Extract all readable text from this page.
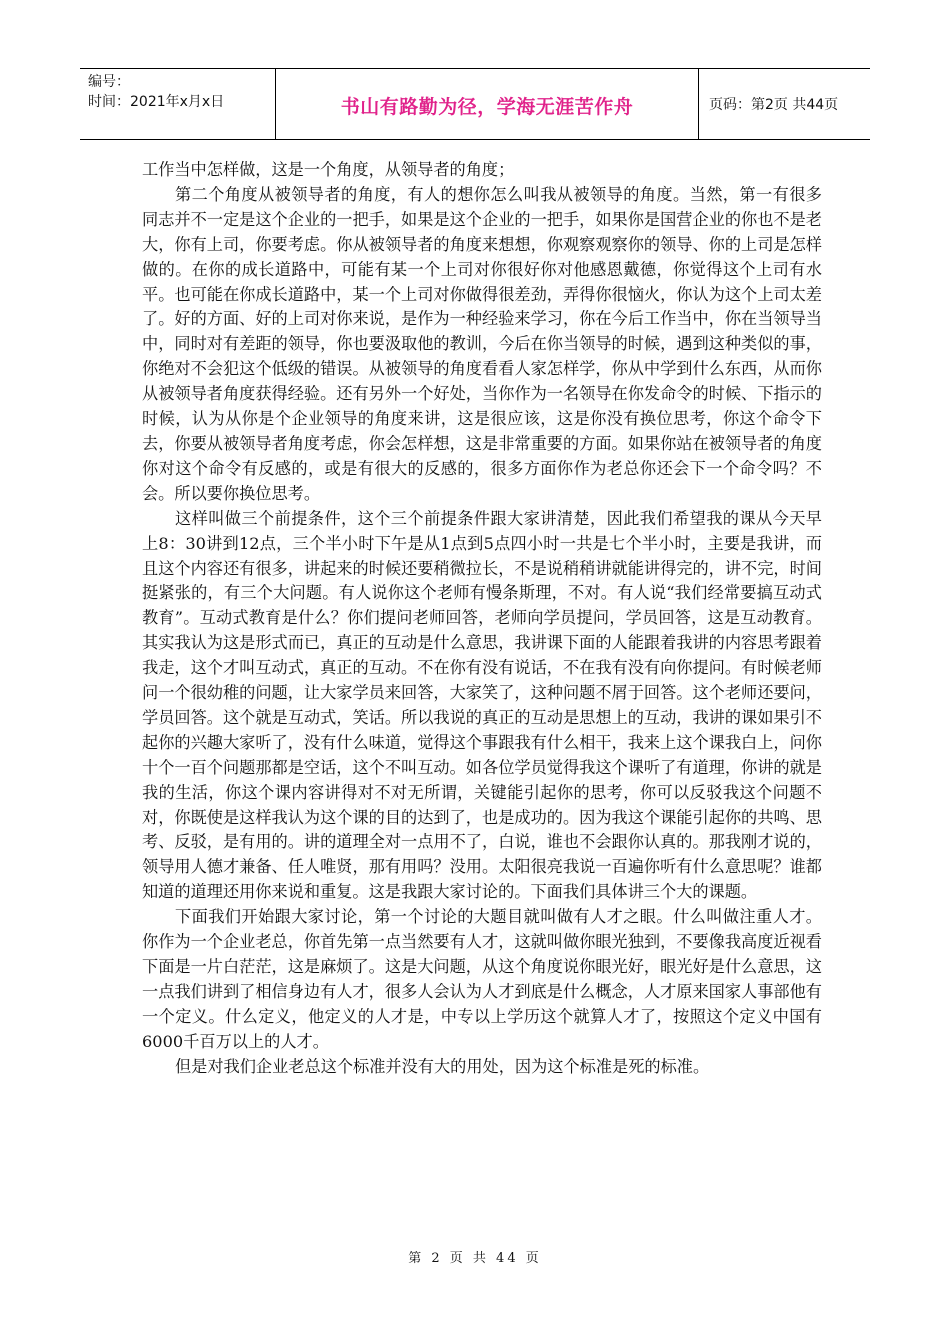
编号：
时间：2021年x月x日	书山有路勤为径，学海无涯苦作舟	页码：第2页 共44页

工作当中怎样做，这是一个角度，从领导者的角度；

第二个角度从被领导者的角度，有人的想你怎么叫我从被领导的角度。当然，第一有很多同志并不一定是这个企业的一把手，如果是这个企业的一把手，如果你是国营企业的你也不是老大，你有上司，你要考虑。你从被领导者的角度来想想，你观察观察你的领导、你的上司是怎样做的。在你的成长道路中，可能有某一个上司对你很好你对他感恩戴德，你觉得这个上司有水平。也可能在你成长道路中，某一个上司对你做得很差劲，弄得你很恼火，你认为这个上司太差了。好的方面、好的上司对你来说，是作为一种经验来学习，你在今后工作当中，你在当领导当中，同时对有差距的领导，你也要汲取他的教训，今后在你当领导的时候，遇到这种类似的事，你绝对不会犯这个低级的错误。从被领导的角度看看人家怎样学，你从中学到什么东西，从而你从被领导者角度获得经验。还有另外一个好处，当你作为一名领导在你发命令的时候、下指示的时候，认为从你是个企业领导的角度来讲，这是很应该，这是你没有换位思考，你这个命令下去，你要从被领导者角度考虑，你会怎样想，这是非常重要的方面。如果你站在被领导者的角度你对这个命令有反感的，或是有很大的反感的，很多方面你作为老总你还会下一个命令吗？不会。所以要你换位思考。

这样叫做三个前提条件，这个三个前提条件跟大家讲清楚，因此我们希望我的课从今天早上8：30讲到12点，三个半小时下午是从1点到5点四小时一共是七个半小时，主要是我讲，而且这个内容还有很多，讲起来的时候还要稍微拉长，不是说稍稍讲就能讲得完的，讲不完，时间挺紧张的，有三个大问题。有人说你这个老师有慢条斯理，不对。有人说“我们经常要搞互动式教育”。互动式教育是什么？你们提问老师回答，老师向学员提问，学员回答，这是互动教育。其实我认为这是形式而已，真正的互动是什么意思，我讲课下面的人能跟着我讲的内容思考跟着我走，这个才叫互动式，真正的互动。不在你有没有说话，不在我有没有向你提问。有时候老师问一个很幼稚的问题，让大家学员来回答，大家笑了，这种问题不屑于回答。这个老师还要问，学员回答。这个就是互动式，笑话。所以我说的真正的互动是思想上的互动，我讲的课如果引不起你的兴趣大家听了，没有什么味道，觉得这个事跟我有什么相干，我来上这个课我白上，问你十个一百个问题那都是空话，这个不叫互动。如各位学员觉得我这个课听了有道理，你讲的就是我的生活，你这个课内容讲得对不对无所谓，关键能引起你的思考，你可以反驳我这个问题不对，你既使是这样我认为这个课的目的达到了，也是成功的。因为我这个课能引起你的共鸣、思考、反驳，是有用的。讲的道理全对一点用不了，白说，谁也不会跟你认真的。那我刚才说的，领导用人德才兼备、任人唯贤，那有用吗？没用。太阳很亮我说一百遍你听有什么意思呢？谁都知道的道理还用你来说和重复。这是我跟大家讨论的。下面我们具体讲三个大的课题。

下面我们开始跟大家讨论，第一个讨论的大题目就叫做有人才之眼。什么叫做注重人才。你作为一个企业老总，你首先第一点当然要有人才，这就叫做你眼光独到，不要像我高度近视看下面是一片白茫茫，这是麻烦了。这是大问题，从这个角度说你眼光好，眼光好是什么意思，这一点我们讲到了相信身边有人才，很多人会认为人才到底是什么概念，人才原来国家人事部他有一个定义。什么定义，他定义的人才是，中专以上学历这个就算人才了，按照这个定义中国有6000千百万以上的人才。

但是对我们企业老总这个标准并没有大的用处，因为这个标准是死的标准。

第 2 页 共 44 页
